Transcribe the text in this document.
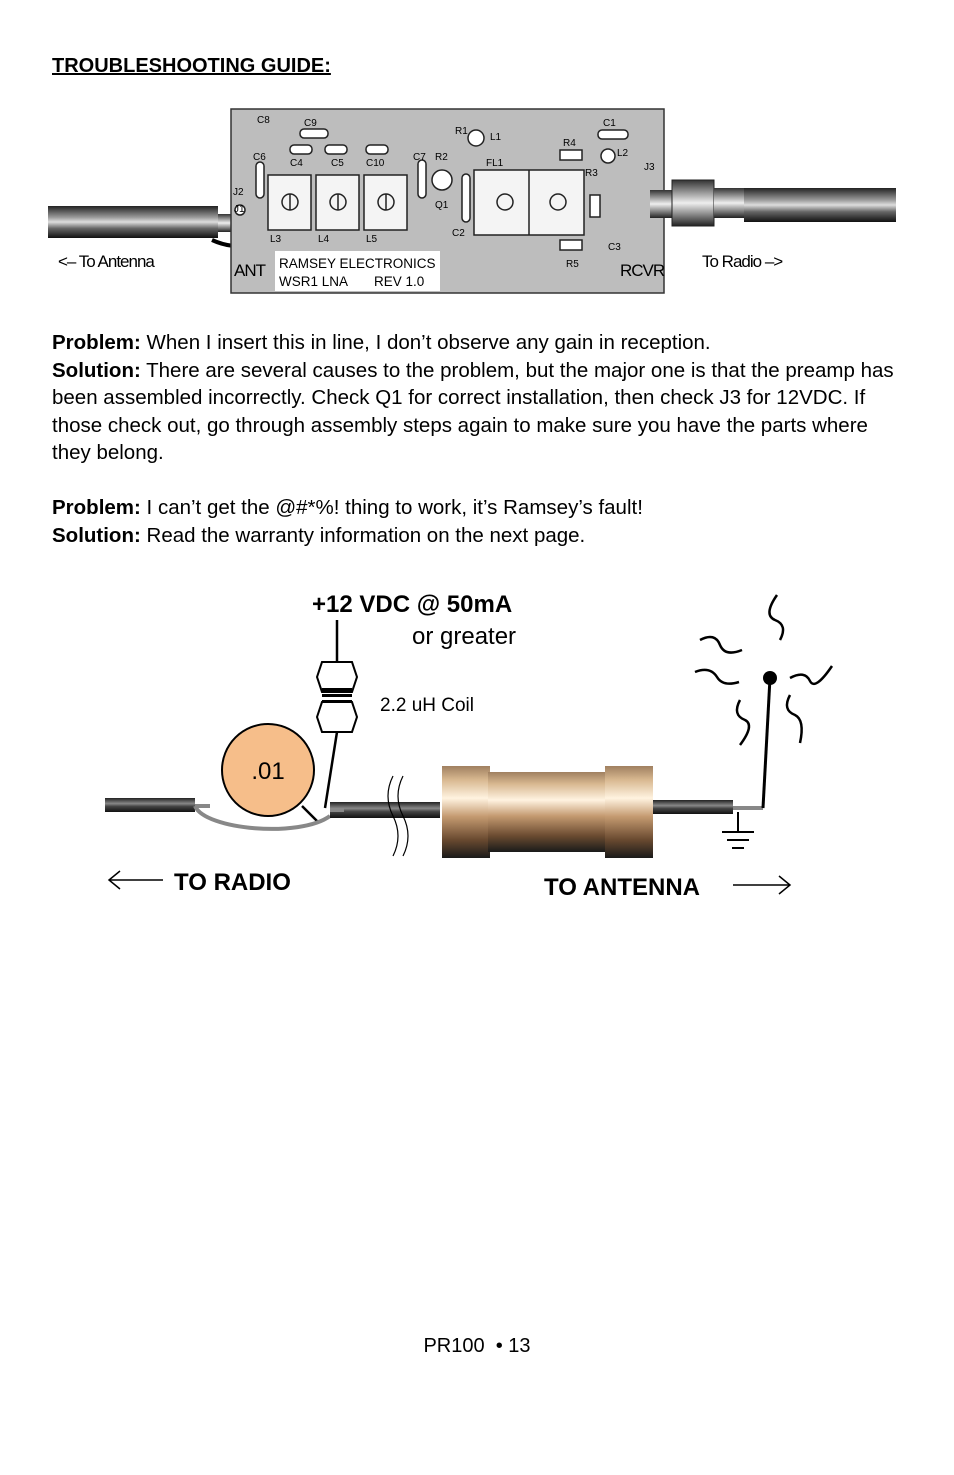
TROUBLESHOOTING GUIDE:
C8	C9
C6
C4	C5 C10
C7 R2
R1
L1
FL1
R4
C1
L2
J3
R3
J2
J1	Q1
C2
L3	L4	L5
R5
C3
ANT	RCVR
RAMSEY ELECTRONICS
WSR1 LNA REV 1.0
<– To Antenna	To Radio –>
Problem: When I insert this in line, I don’t observe any gain in reception.
Solution: There are several causes to the problem, but the major one is that the preamp has been assembled incorrectly. Check Q1 for correct installation, then check J3 for 12VDC. If those check out, go through assembly steps again to make sure you have the parts where they belong.
Problem: I can’t get the @#*%! thing to work, it’s Ramsey’s fault!
Solution: Read the warranty information on the next page.
+12 VDC @ 50mA
or greater
2.2 uH Coil
.01
TO RADIO	TO ANTENNA
PR100 • 13
